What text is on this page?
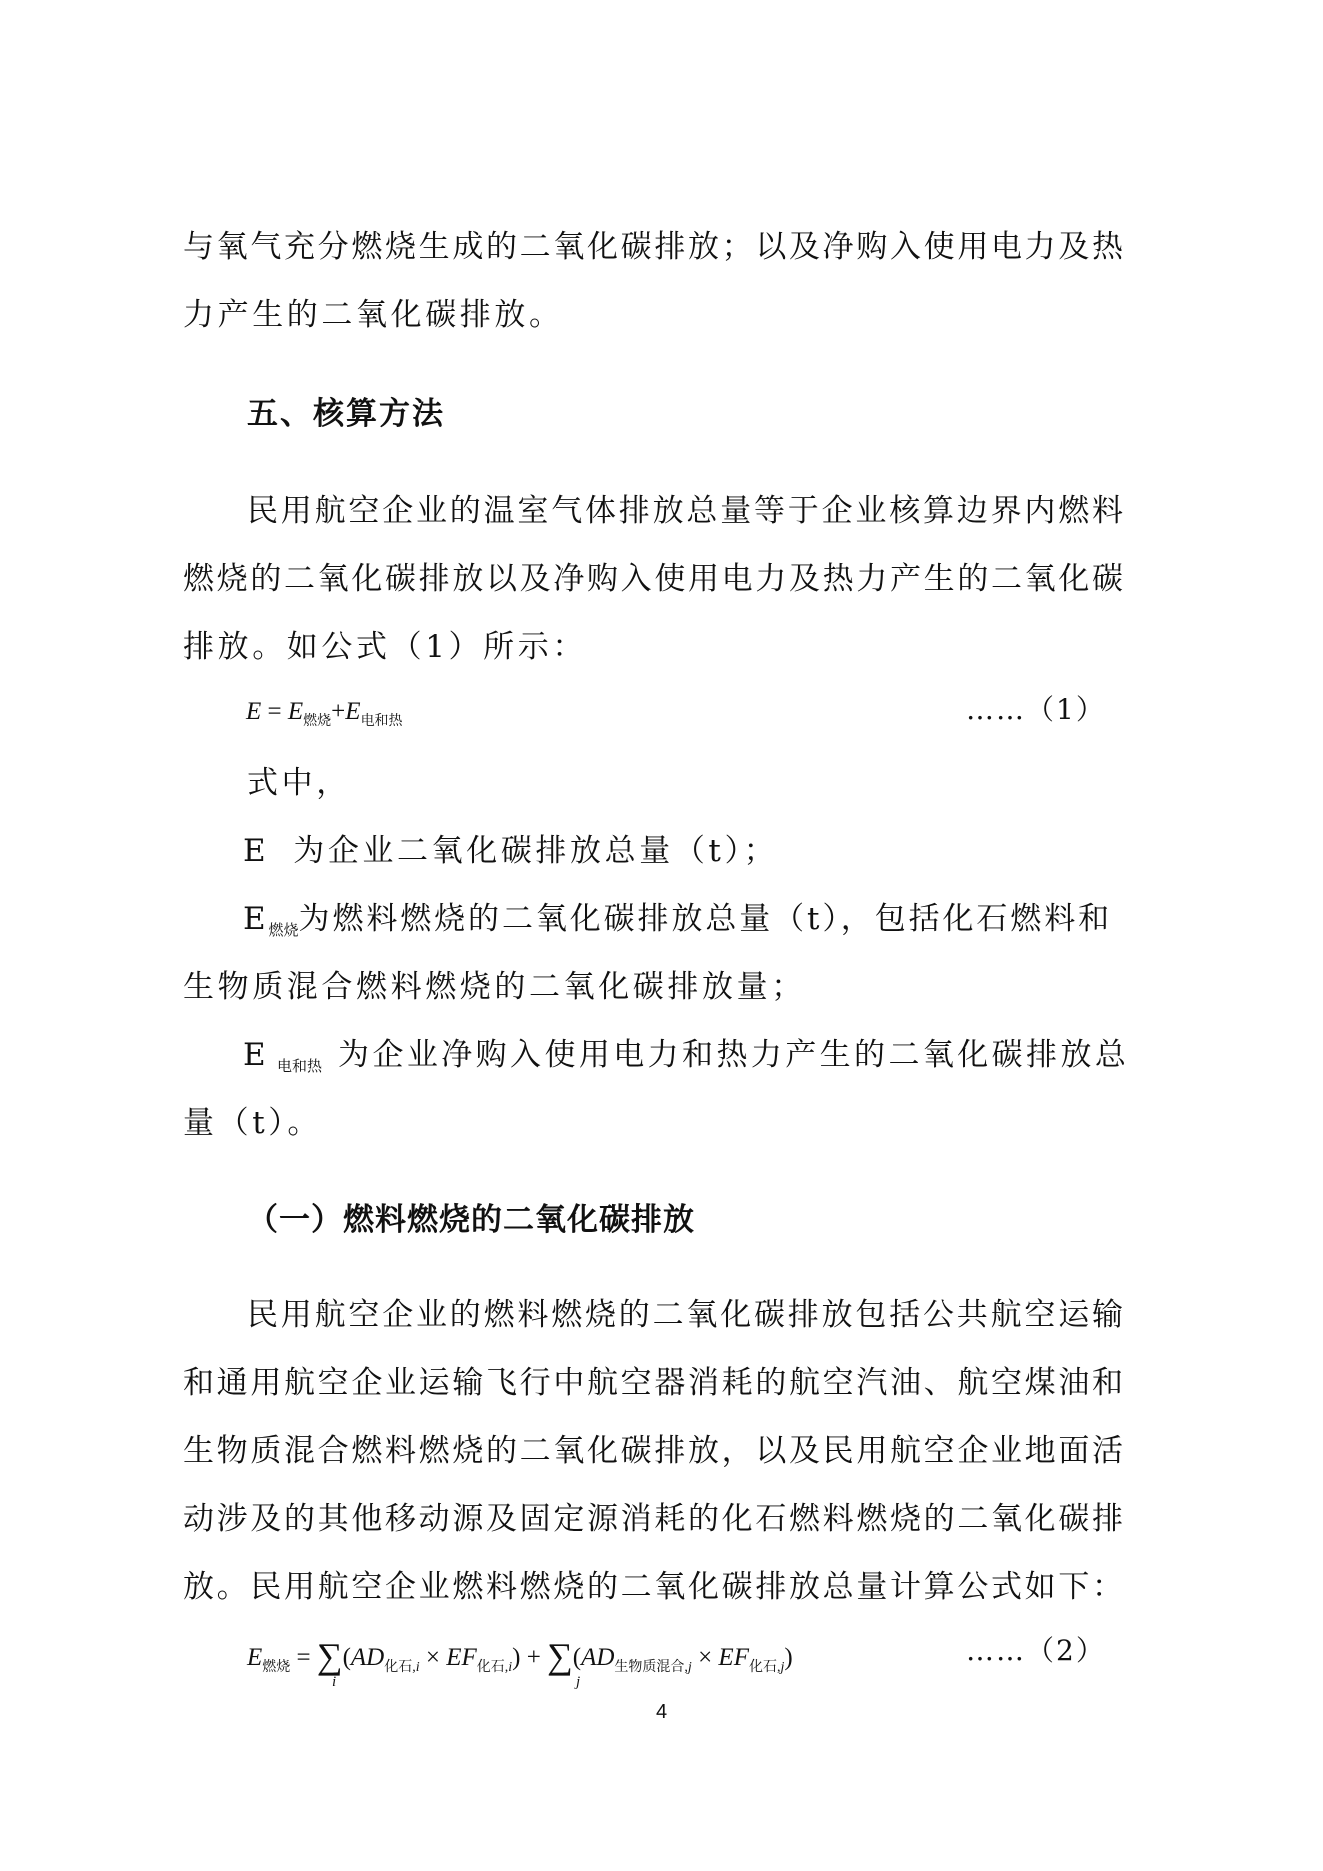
与氧气充分燃烧生成的二氧化碳排放；以及净购入使用电力及热
力产生的二氧化碳排放。
五、核算方法
民用航空企业的温室气体排放总量等于企业核算边界内燃料
燃烧的二氧化碳排放以及净购入使用电力及热力产生的二氧化碳
排放。如公式（1）所示：
$E = E_{燃烧}+E_{电和热}$	……（1）
式中，
E 为企业二氧化碳排放总量（t）；
E燃烧为燃料燃烧的二氧化碳排放总量（t），包括化石燃料和
生物质混合燃料燃烧的二氧化碳排放量；
E电和热 为企业净购入使用电力和热力产生的二氧化碳排放总
量（t）。
（一）燃料燃烧的二氧化碳排放
民用航空企业的燃料燃烧的二氧化碳排放包括公共航空运输
和通用航空企业运输飞行中航空器消耗的航空汽油、航空煤油和
生物质混合燃料燃烧的二氧化碳排放，以及民用航空企业地面活
动涉及的其他移动源及固定源消耗的化石燃料燃烧的二氧化碳排
放。民用航空企业燃料燃烧的二氧化碳排放总量计算公式如下：
$E_{燃烧} = \sum(AD_{化石,i} \times EF_{化石,i}) + \sum(AD_{生物质混合,j} \times EF_{化石,j})$
i	j
……（2）
4
